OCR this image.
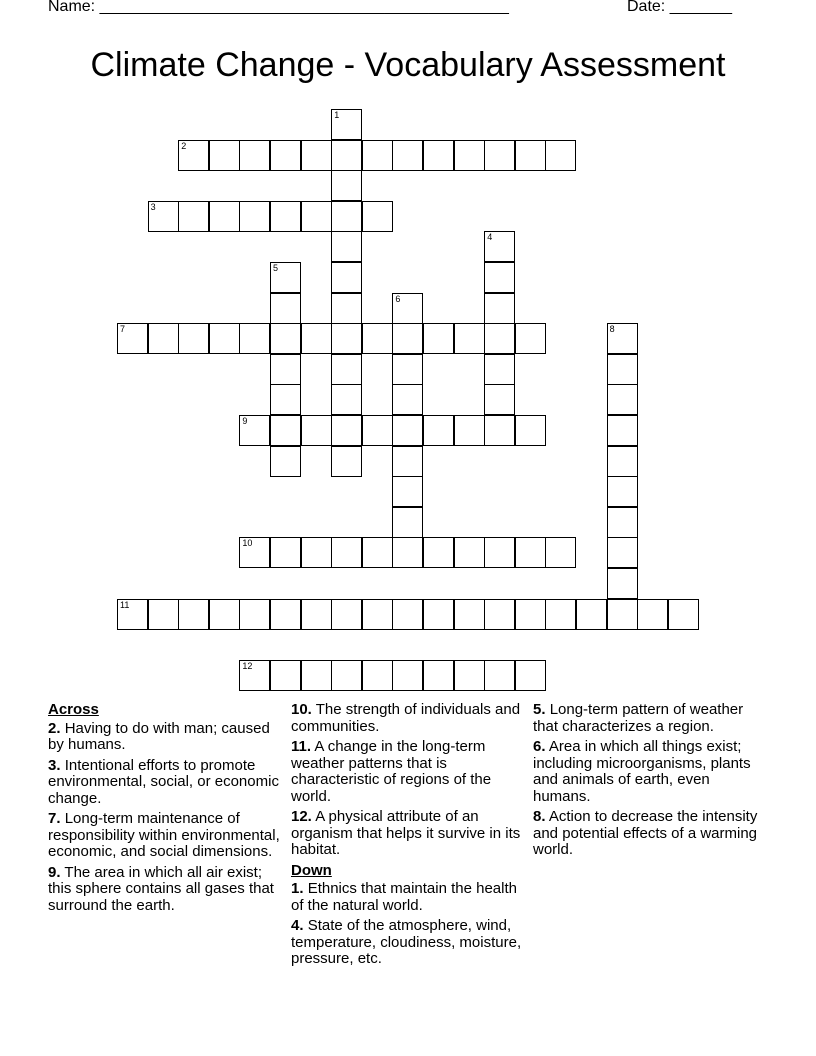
Name: ______________________________________________	Date: _______
Climate Change - Vocabulary Assessment
2
3
7
9
10
11
12
1
4
5
6
8
Across
2. Having to do with man; caused by humans.
3. Intentional efforts to promote environmental, social, or economic change.
7. Long-term maintenance of responsibility within environmental, economic, and social dimensions.
9. The area in which all air exist; this sphere contains all gases that surround the earth.
10. The strength of individuals and communities.
11. A change in the long-term weather patterns that is characteristic of regions of the world.
12. A physical attribute of an organism that helps it survive in its habitat.
Down
1. Ethnics that maintain the health of the natural world.
4. State of the atmosphere, wind, temperature, cloudiness, moisture, pressure, etc.
5. Long-term pattern of weather that characterizes a region.
6. Area in which all things exist; including microorganisms, plants and animals of earth, even humans.
8. Action to decrease the intensity and potential effects of a warming world.
